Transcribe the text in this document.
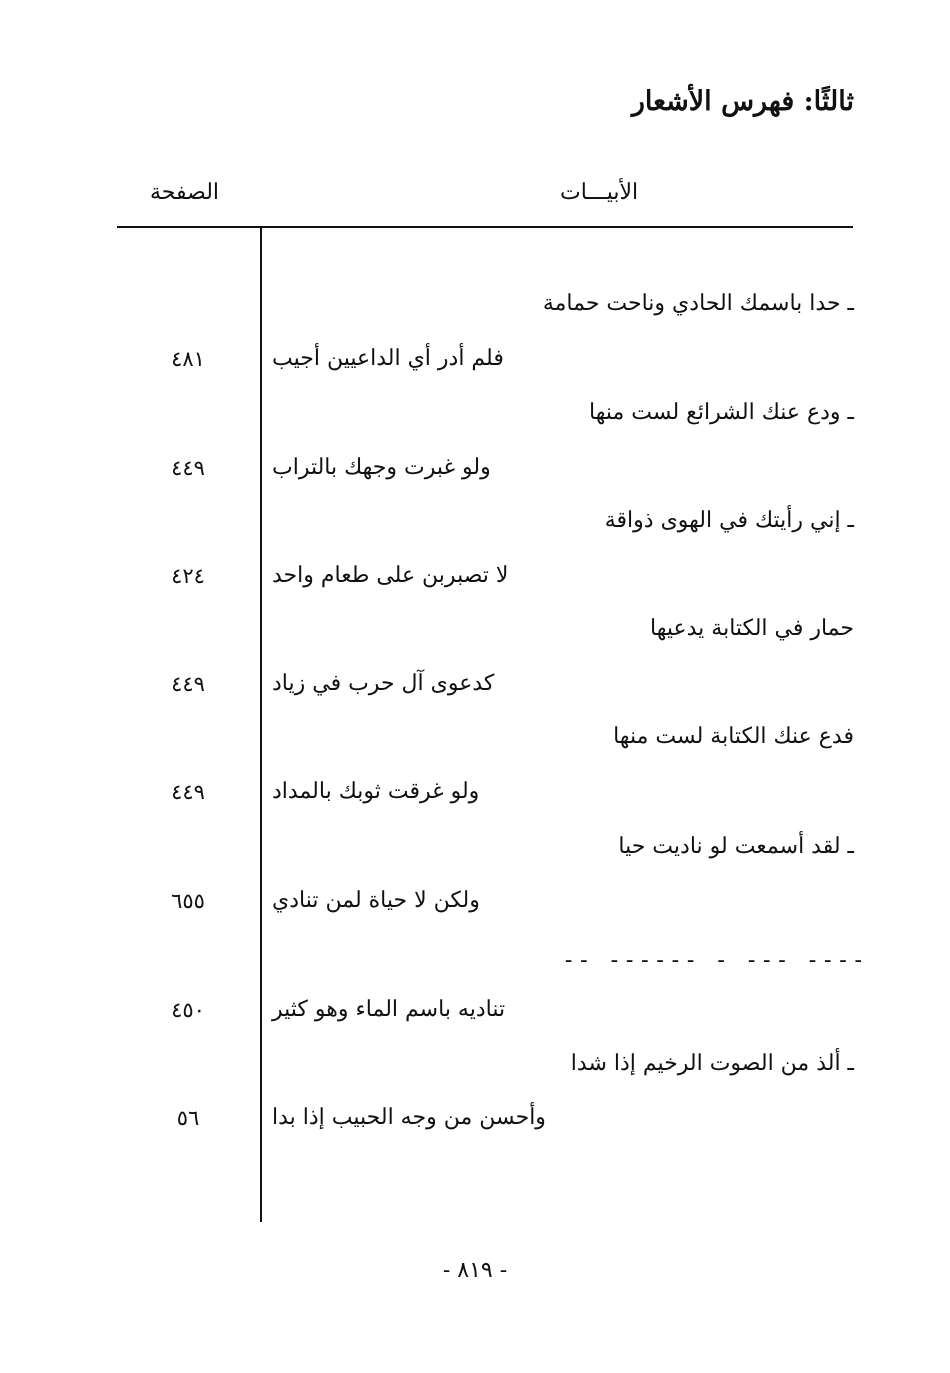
ثالثًا: فهرس الأشعار
الأبيـــات
الصفحة
ـ حدا باسمك الحادي وناحت حمامة
فلم أدر أي الداعيين أجيب
٤٨١
ـ ودع عنك الشرائع لست منها
ولو غبرت وجهك بالتراب
٤٤٩
ـ إني رأيتك في الهوى ذواقة
لا تصبربن على طعام واحد
٤٢٤
حمار في الكتابة يدعيها
كدعوى آل حرب في زياد
٤٤٩
فدع عنك الكتابة لست منها
ولو غرقت ثوبك بالمداد
٤٤٩
ـ لقد أسمعت لو ناديت حيا
ولكن لا حياة لمن تنادي
٦٥٥
-- ------ - --- ----
تناديه باسم الماء وهو كثير
٤٥٠
ـ ألذ من الصوت الرخيم إذا شدا
وأحسن من وجه الحبيب إذا بدا
٥٦
- ٨١٩ -
